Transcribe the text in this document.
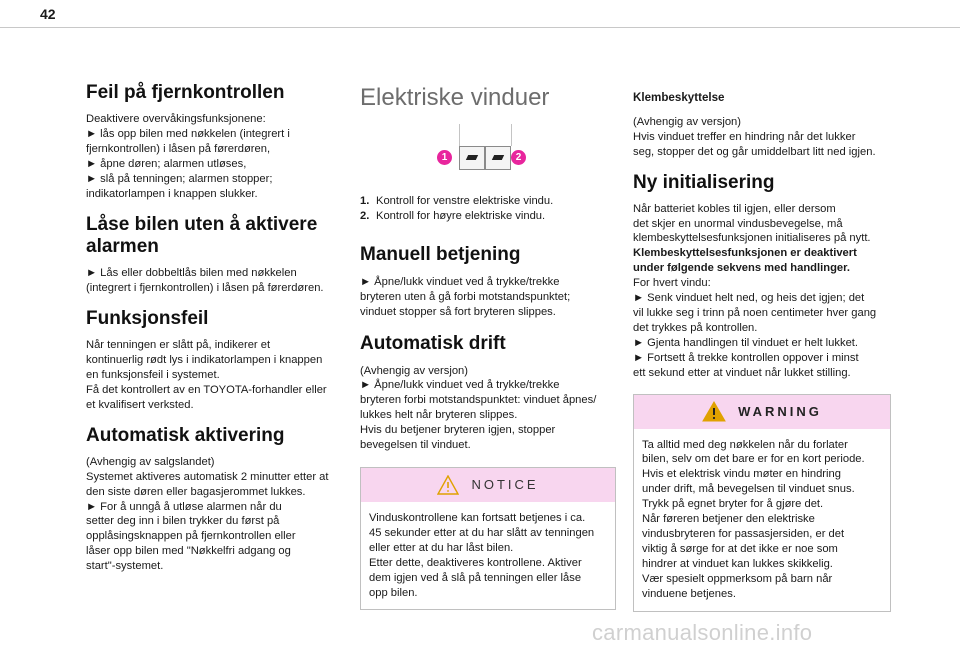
42
Feil på fjernkontrollen

Deaktivere overvåkingsfunksjonene:
► lås opp bilen med nøkkelen (integrert i
fjernkontrollen) i låsen på førerdøren,
► åpne døren; alarmen utløses,
► slå på tenningen; alarmen stopper;
indikatorlampen i knappen slukker.

Låse bilen uten å aktivere
alarmen

► Lås eller dobbeltlås bilen med nøkkelen
(integrert i fjernkontrollen) i låsen på førerdøren.

Funksjonsfeil

Når tenningen er slått på, indikerer et
kontinuerlig rødt lys i indikatorlampen i knappen
en funksjonsfeil i systemet.
Få det kontrollert av en TOYOTA-forhandler eller
et kvalifisert verksted.

Automatisk aktivering

(Avhengig av salgslandet)
Systemet aktiveres automatisk 2 minutter etter at
den siste døren eller bagasjerommet lukkes.
► For å unngå å utløse alarmen når du
setter deg inn i bilen trykker du først på
opplåsingsknappen på fjernkontrollen eller
låser opp bilen med "Nøkkelfri adgang og
start"-systemet.

Elektriske vinduer
1	2
1. Kontroll for venstre elektriske vindu.
2. Kontroll for høyre elektriske vindu.
Manuell betjening

► Åpne/lukk vinduet ved å trykke/trekke
bryteren uten å gå forbi motstandspunktet;
vinduet stopper så fort bryteren slippes.

Automatisk drift

(Avhengig av versjon)
► Åpne/lukk vinduet ved å trykke/trekke
bryteren forbi motstandspunktet: vinduet åpnes/
lukkes helt når bryteren slippes.
Hvis du betjener bryteren igjen, stopper
bevegelsen til vinduet.

NOTICE

Vinduskontrollene kan fortsatt betjenes i ca.
45 sekunder etter at du har slått av tenningen
eller etter at du har låst bilen.
Etter dette, deaktiveres kontrollene. Aktiver
dem igjen ved å slå på tenningen eller låse
opp bilen.

Klembeskyttelse

(Avhengig av versjon)
Hvis vinduet treffer en hindring når det lukker
seg, stopper det og går umiddelbart litt ned igjen.

Ny initialisering

Når batteriet kobles til igjen, eller dersom
det skjer en unormal vindusbevegelse, må
klembeskyttelsesfunksjonen initialiseres på nytt.
Klembeskyttelsesfunksjonen er deaktivert
under følgende sekvens med handlinger.
For hvert vindu:
► Senk vinduet helt ned, og heis det igjen; det
vil lukke seg i trinn på noen centimeter hver gang
det trykkes på kontrollen.
► Gjenta handlingen til vinduet er helt lukket.
► Fortsett å trekke kontrollen oppover i minst
ett sekund etter at vinduet når lukket stilling.

WARNING

Ta alltid med deg nøkkelen når du forlater
bilen, selv om det bare er for en kort periode.
Hvis et elektrisk vindu møter en hindring
under drift, må bevegelsen til vinduet snus.
Trykk på egnet bryter for å gjøre det.
Når føreren betjener den elektriske
vindusbryteren for passasjersiden, er det
viktig å sørge for at det ikke er noe som
hindrer at vinduet kan lukkes skikkelig.
Vær spesielt oppmerksom på barn når
vinduene betjenes.

carmanualsonline.info
